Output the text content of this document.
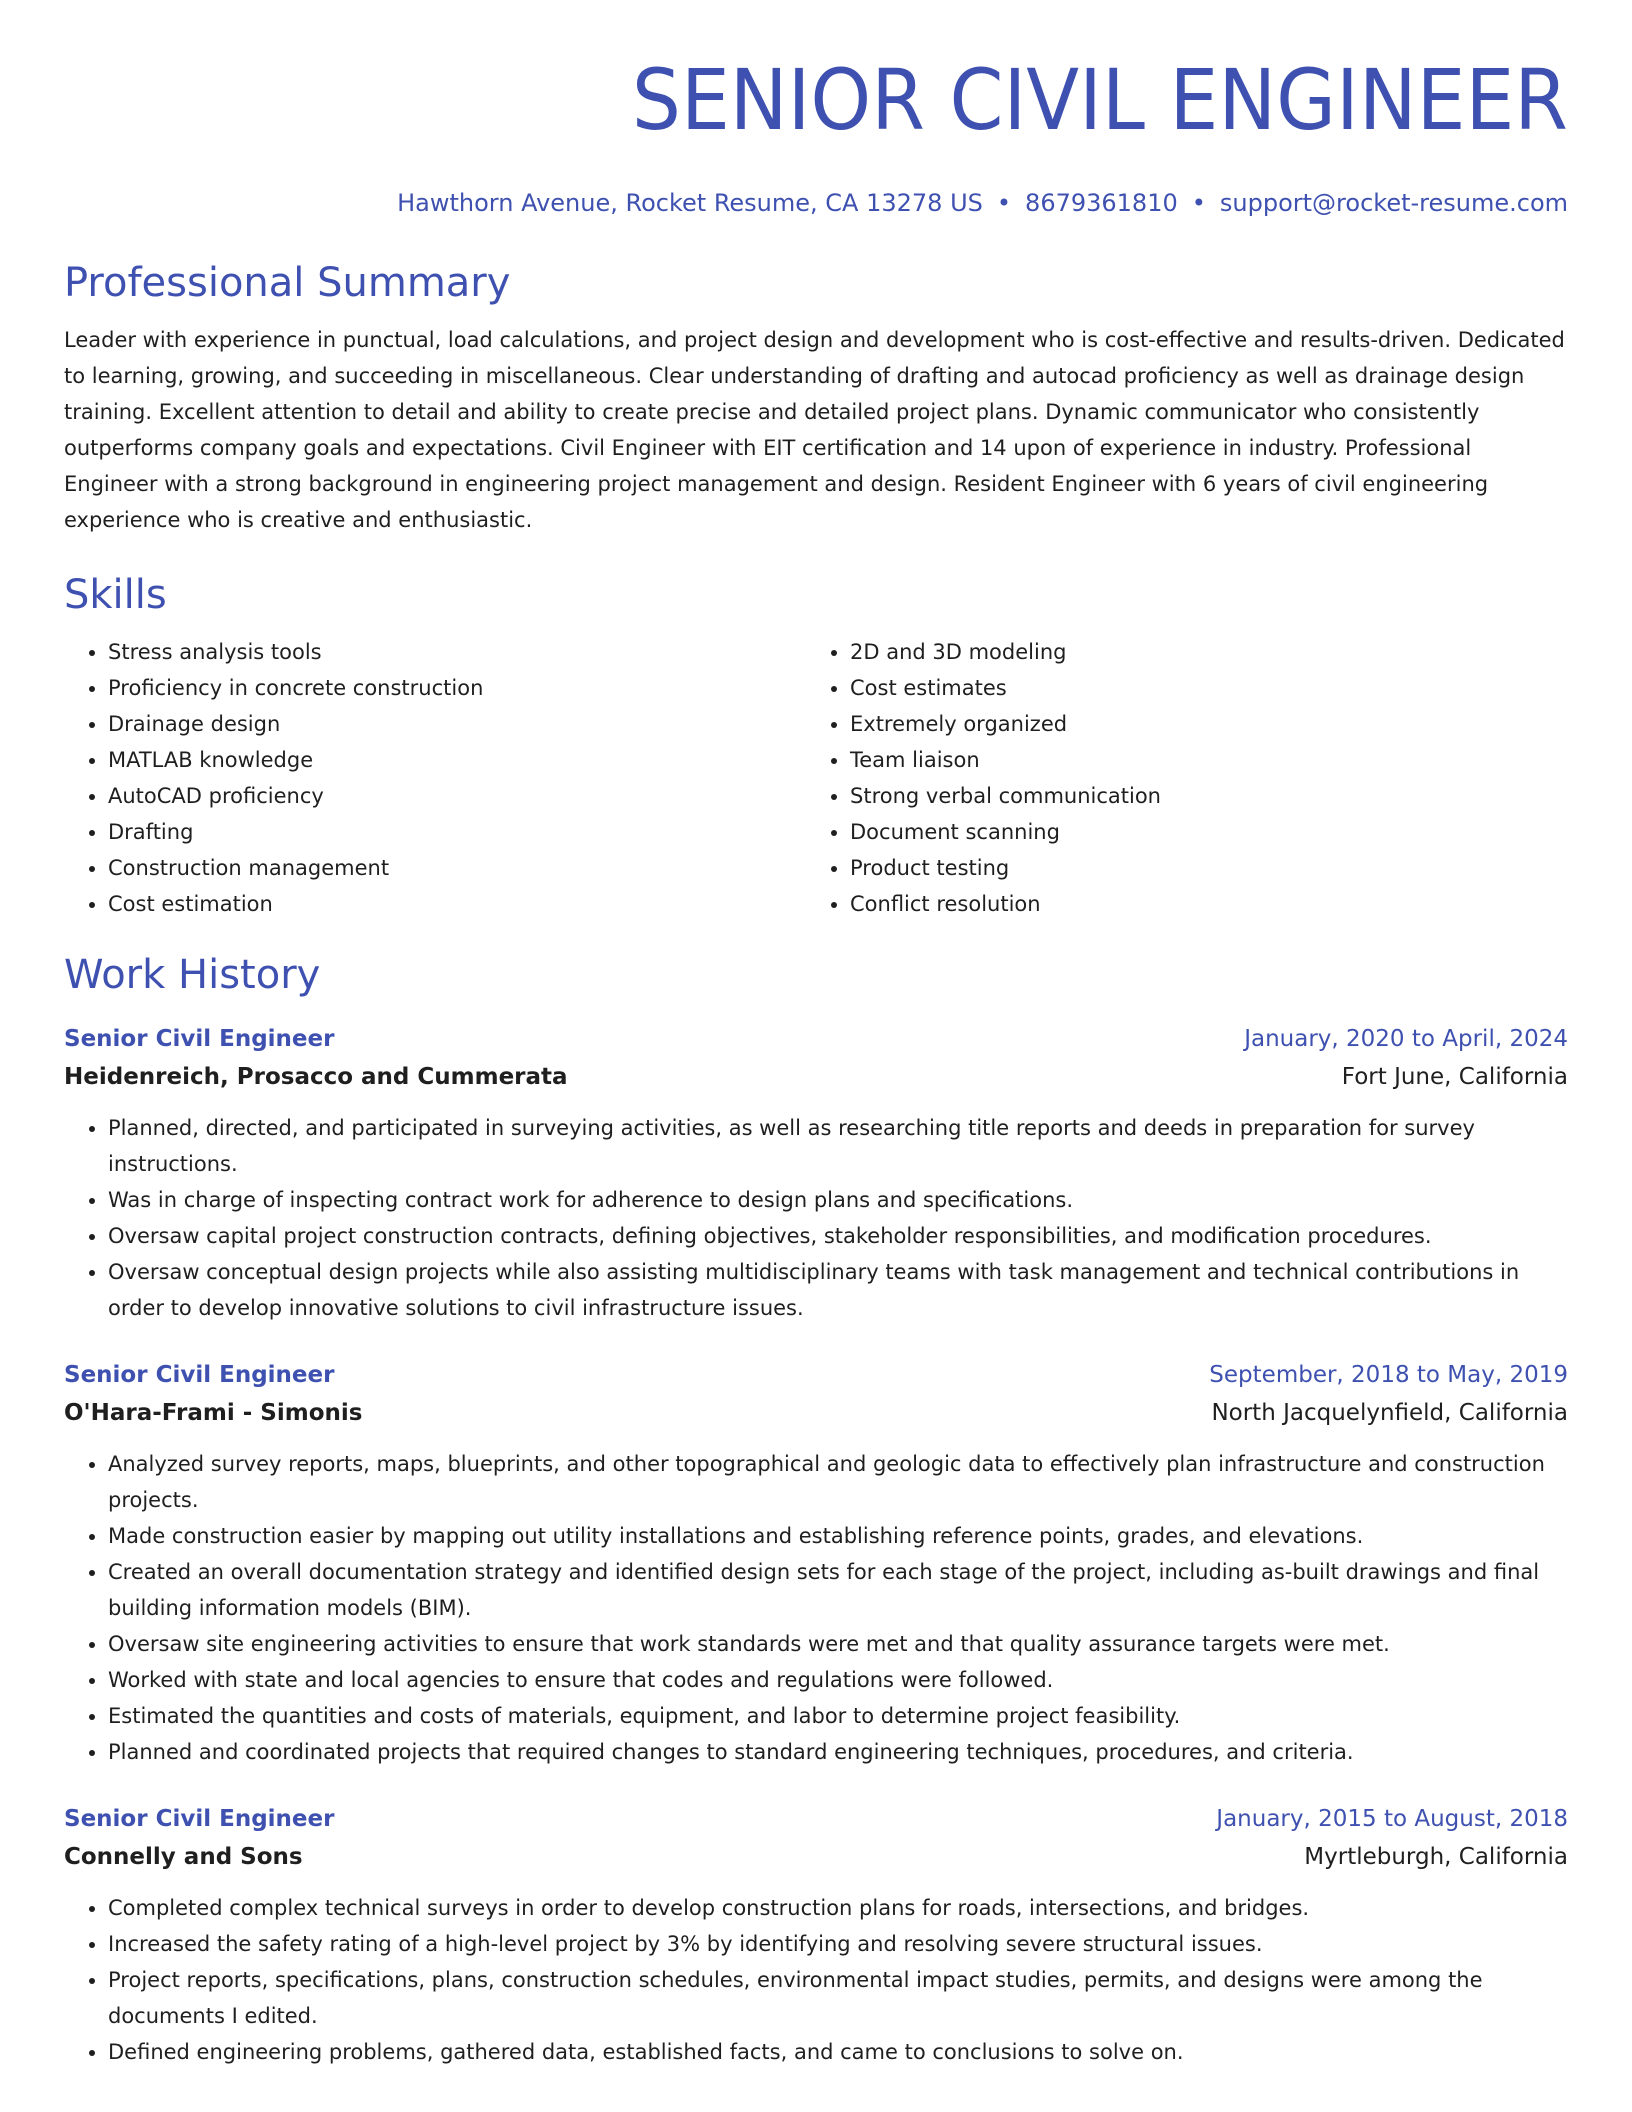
SENIOR CIVIL ENGINEER
Hawthorn Avenue, Rocket Resume, CA 13278 US • 8679361810 • support@rocket-resume.com
Professional Summary

Leader with experience in punctual, load calculations, and project design and development who is cost-effective and results-driven. Dedicated to learning, growing, and succeeding in miscellaneous. Clear understanding of drafting and autocad proficiency as well as drainage design training. Excellent attention to detail and ability to create precise and detailed project plans. Dynamic communicator who consistently outperforms company goals and expectations. Civil Engineer with EIT certification and 14 upon of experience in industry. Professional Engineer with a strong background in engineering project management and design. Resident Engineer with 6 years of civil engineering experience who is creative and enthusiastic.

Skills
• Stress analysis tools
• Proficiency in concrete construction
• Drainage design
• MATLAB knowledge
• AutoCAD proficiency
• Drafting
• Construction management
• Cost estimation
• 2D and 3D modeling
• Cost estimates
• Extremely organized
• Team liaison
• Strong verbal communication
• Document scanning
• Product testing
• Conflict resolution
Work History
Senior Civil Engineer	January, 2020 to April, 2024
Heidenreich, Prosacco and Cummerata	Fort June, California
• Planned, directed, and participated in surveying activities, as well as researching title reports and deeds in preparation for survey instructions.
• Was in charge of inspecting contract work for adherence to design plans and specifications.
• Oversaw capital project construction contracts, defining objectives, stakeholder responsibilities, and modification procedures.
• Oversaw conceptual design projects while also assisting multidisciplinary teams with task management and technical contributions in order to develop innovative solutions to civil infrastructure issues.
Senior Civil Engineer	September, 2018 to May, 2019
O'Hara-Frami - Simonis	North Jacquelynfield, California
• Analyzed survey reports, maps, blueprints, and other topographical and geologic data to effectively plan infrastructure and construction projects.
• Made construction easier by mapping out utility installations and establishing reference points, grades, and elevations.
• Created an overall documentation strategy and identified design sets for each stage of the project, including as-built drawings and final building information models (BIM).
• Oversaw site engineering activities to ensure that work standards were met and that quality assurance targets were met.
• Worked with state and local agencies to ensure that codes and regulations were followed.
• Estimated the quantities and costs of materials, equipment, and labor to determine project feasibility.
• Planned and coordinated projects that required changes to standard engineering techniques, procedures, and criteria.
Senior Civil Engineer	January, 2015 to August, 2018
Connelly and Sons	Myrtleburgh, California
• Completed complex technical surveys in order to develop construction plans for roads, intersections, and bridges.
• Increased the safety rating of a high-level project by 3% by identifying and resolving severe structural issues.
• Project reports, specifications, plans, construction schedules, environmental impact studies, permits, and designs were among the documents I edited.
• Defined engineering problems, gathered data, established facts, and came to conclusions to solve on.
